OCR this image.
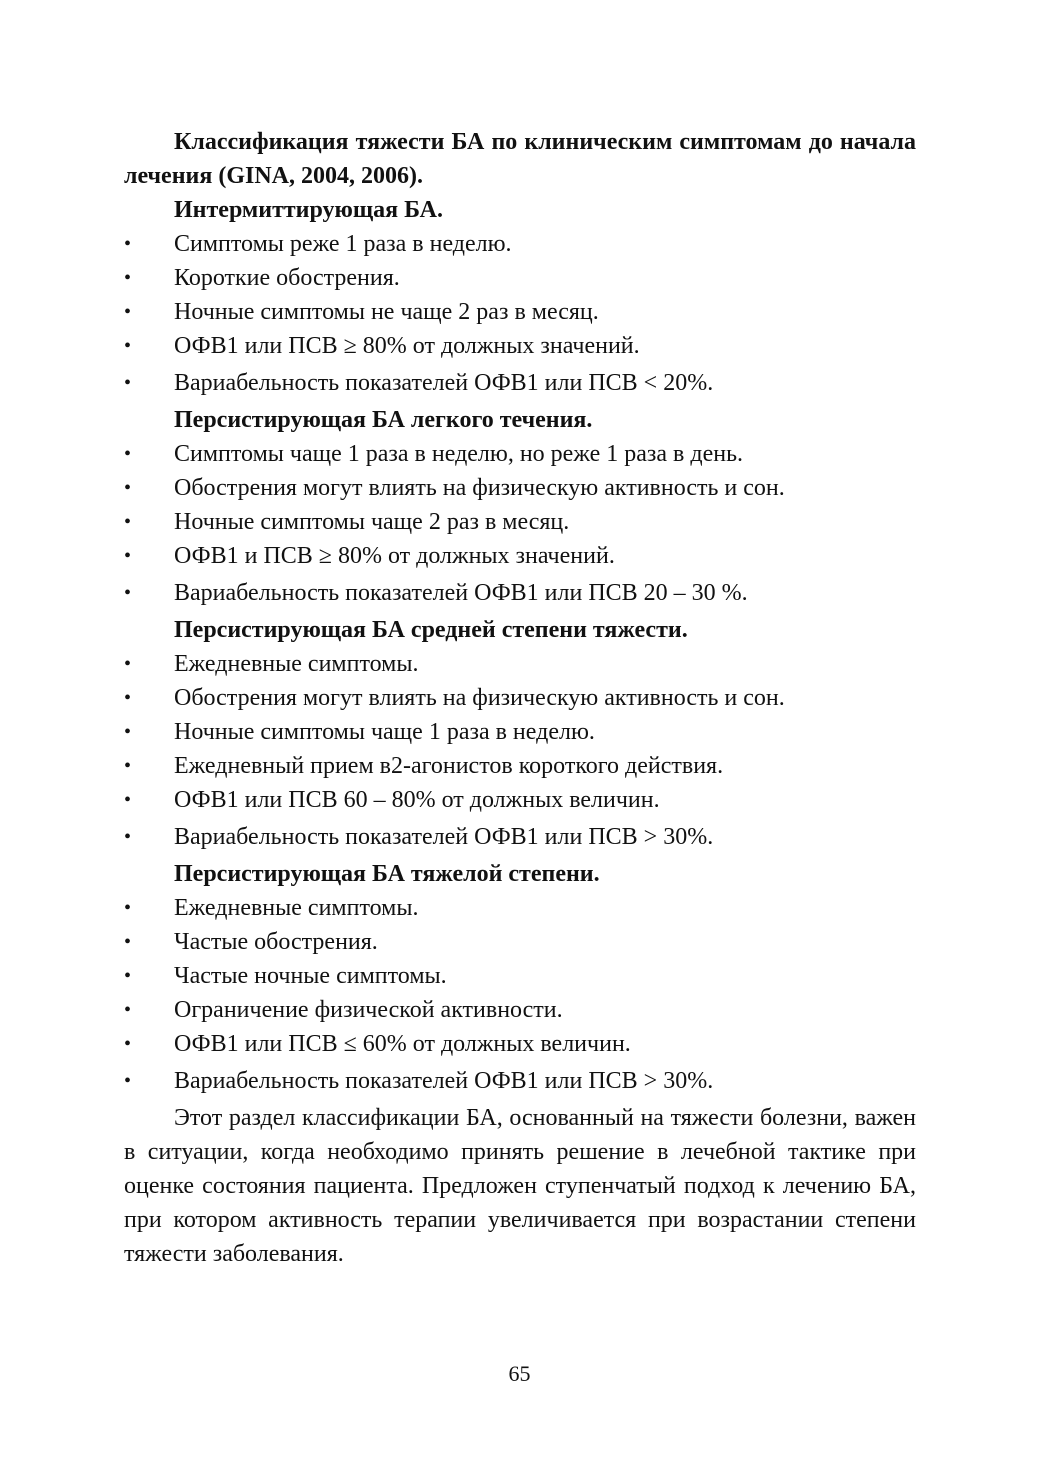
Классификация тяжести БА по клиническим симптомам до начала лечения (GINA, 2004, 2006).

Интермиттирующая БА.

• Симптомы реже 1 раза в неделю.
• Короткие обострения.
• Ночные симптомы не чаще 2 раз в месяц.
• ОФВ1 или ПСВ ≥ 80% от должных значений.
• Вариабельность показателей ОФВ1 или ПСВ < 20%.

Персистирующая БА легкого течения.

• Симптомы чаще 1 раза в неделю, но реже 1 раза в день.
• Обострения могут влиять на физическую активность и сон.
• Ночные симптомы чаще 2 раз в месяц.
• ОФВ1 и ПСВ ≥ 80% от должных значений.
• Вариабельность показателей ОФВ1 или ПСВ 20 – 30 %.

Персистирующая БА средней степени тяжести.

• Ежедневные симптомы.
• Обострения могут влиять на физическую активность и сон.
• Ночные симптомы чаще 1 раза в неделю.
• Ежедневный прием в2-агонистов короткого действия.
• ОФВ1 или ПСВ 60 – 80% от должных величин.
• Вариабельность показателей ОФВ1 или ПСВ > 30%.

Персистирующая БА тяжелой степени.

• Ежедневные симптомы.
• Частые обострения.
• Частые ночные симптомы.
• Ограничение физической активности.
• ОФВ1 или ПСВ ≤ 60% от должных величин.
• Вариабельность показателей ОФВ1 или ПСВ > 30%.

Этот раздел классификации БА, основанный на тяжести болезни, важен в ситуации, когда необходимо принять решение в лечебной тактике при оценке состояния пациента. Предложен ступенчатый подход к лечению БА, при котором активность терапии увеличивается при возрастании степени тяжести заболевания.

65
